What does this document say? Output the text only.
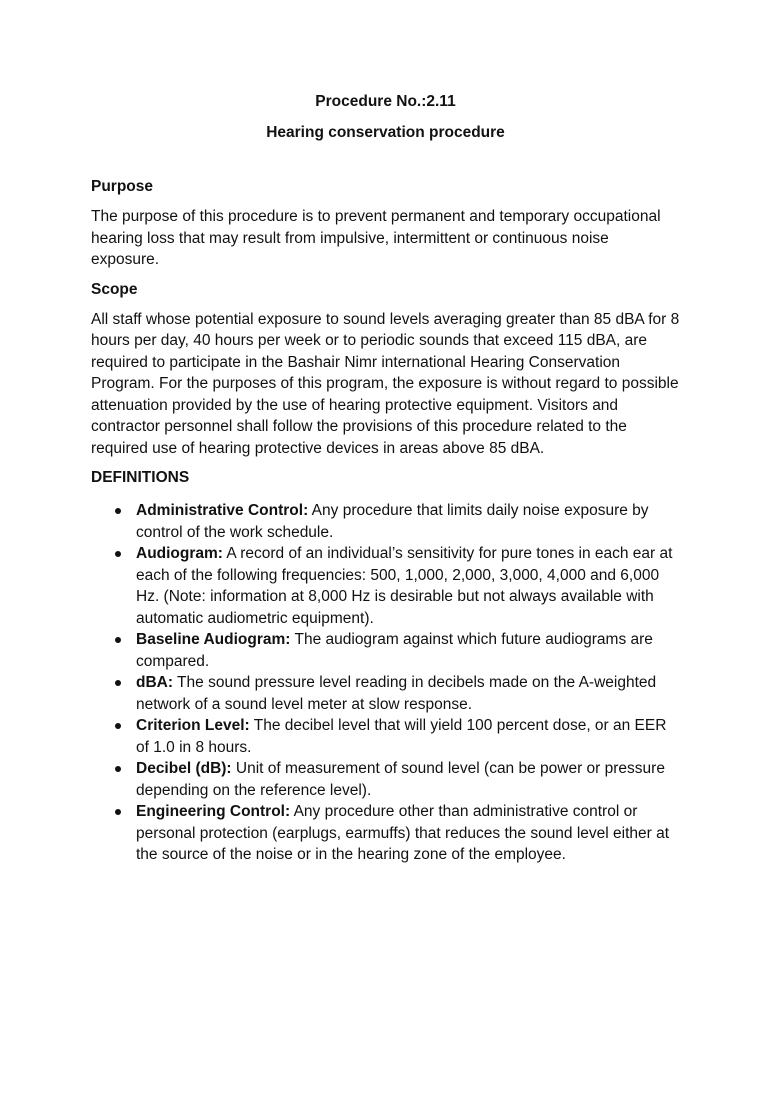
Procedure No.:2.11
Hearing conservation procedure
Purpose

The purpose of this procedure is to prevent permanent and temporary occupational hearing loss that may result from impulsive, intermittent or continuous noise exposure.

Scope

All staff whose potential exposure to sound levels averaging greater than 85 dBA for 8 hours per day, 40 hours per week or to periodic sounds that exceed 115 dBA, are required to participate in the Bashair Nimr international Hearing Conservation Program. For the purposes of this program, the exposure is without regard to possible attenuation provided by the use of hearing protective equipment. Visitors and contractor personnel shall follow the provisions of this procedure related to the required use of hearing protective devices in areas above 85 dBA.

DEFINITIONS
Administrative Control: Any procedure that limits daily noise exposure by control of the work schedule.
Audiogram: A record of an individual’s sensitivity for pure tones in each ear at each of the following frequencies: 500, 1,000, 2,000, 3,000, 4,000 and 6,000 Hz. (Note: information at 8,000 Hz is desirable but not always available with automatic audiometric equipment).
Baseline Audiogram: The audiogram against which future audiograms are compared.
dBA: The sound pressure level reading in decibels made on the A-weighted network of a sound level meter at slow response.
Criterion Level: The decibel level that will yield 100 percent dose, or an EER of 1.0 in 8 hours.
Decibel (dB): Unit of measurement of sound level (can be power or pressure depending on the reference level).
Engineering Control: Any procedure other than administrative control or personal protection (earplugs, earmuffs) that reduces the sound level either at the source of the noise or in the hearing zone of the employee.
